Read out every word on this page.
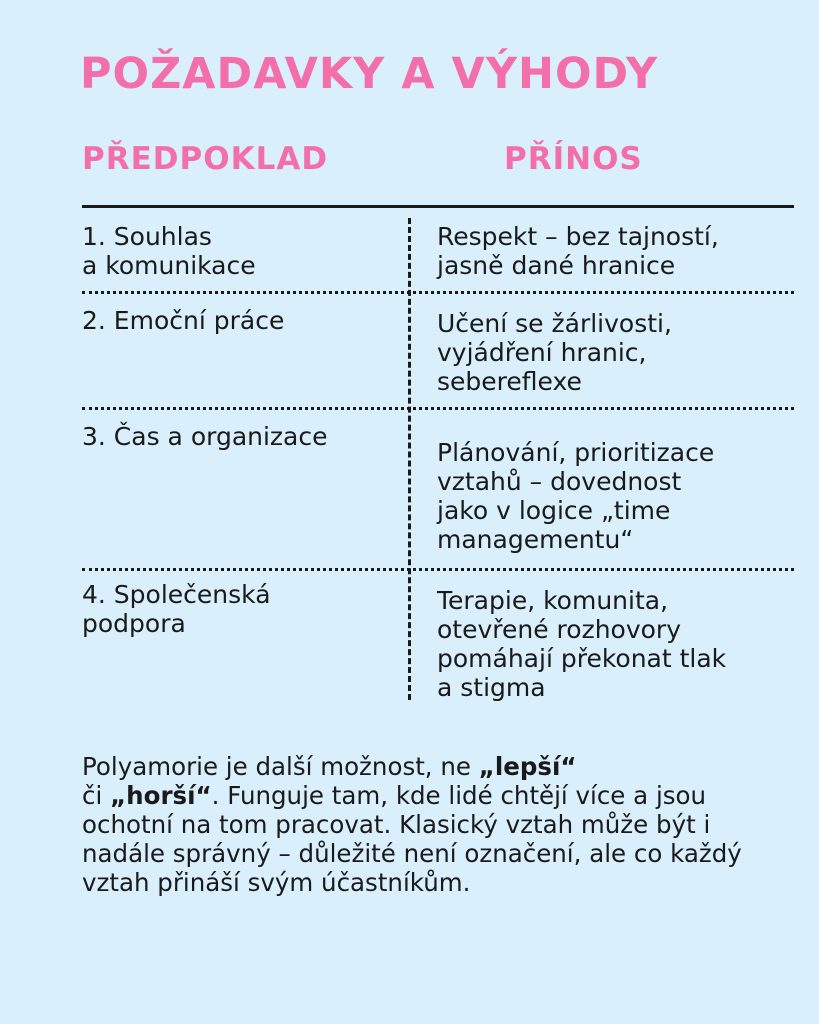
POŽADAVKY A VÝHODY
PŘEDPOKLAD	PŘÍNOS

1. Souhlas
a komunikace

Respekt – bez tajností,
jasně dané hranice

2. Emoční práce	Učení se žárlivosti,
vyjádření hranic,
sebereflexe

3. Čas a organizace

Plánování, prioritizace
vztahů – dovednost
jako v logice „time
managementu“

4. Společenská
podpora

Terapie, komunita,
otevřené rozhovory
pomáhají překonat tlak
a stigma

Polyamorie je další možnost, ne „lepší“
či „horší“. Funguje tam, kde lidé chtějí více a jsou ochotní na tom pracovat. Klasický vztah může být i nadále správný – důležité není označení, ale co každý vztah přináší svým účastníkům.
